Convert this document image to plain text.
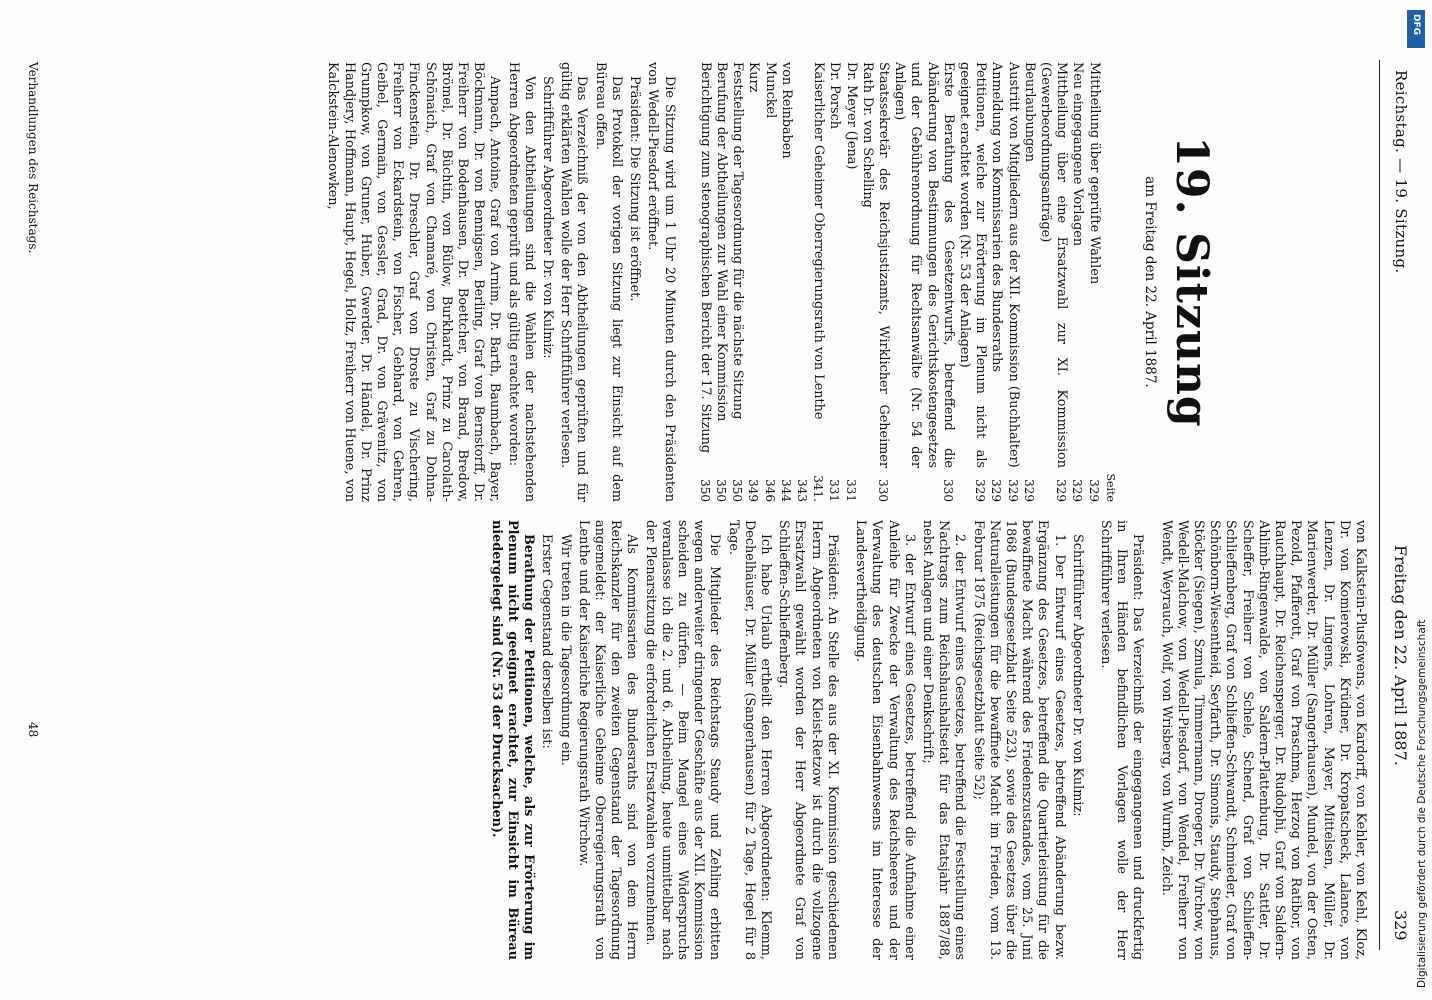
Reichstag. — 19. Sitzung.
Freitag den 22. April 1887.
329
19. Sitzung
am Freitag den 22. April 1887.
Seite
Mittheilung über geprüfte Wahlen
329
Neu eingegangene Vorlagen
329
Mittheilung über eine Ersatzwahl zur XI. Kommission (Gewerbeordnungsanträge)
329
Beurlaubungen
329
Austritt von Mitgliedern aus der XII. Kommission (Buchhalter)
329
Anmeldung von Kommissarien des Bundesraths
329
Petitionen, welche zur Erörterung im Plenum nicht als geeignet erachtet worden (Nr. 53 der Anlagen)
329
Erste Berathung des Gesetzentwurfs, betreffend die Abänderung von Bestimmungen des Gerichtskostengesetzes und der Gebührenordnung für Rechtsanwälte (Nr. 54 der Anlagen)
330
Staatssekretär des Reichsjustizamts, Wirklicher Geheimer Rath Dr. von Schelling
330
Dr. Meyer (Jena)
331
Dr. Porsch
331
Kaiserlicher Geheimer Oberregierungsrath von Lenthe
341. 343
von Reinbaben
344
Munckel
346
Kurz
349
Feststellung der Tagesordnung für die nächste Sitzung
350
Berufung der Abtheilungen zur Wahl einer Kommission
350
Berichtigung zum stenographischen Bericht der 17. Sitzung
350

Die Sitzung wird um 1 Uhr 20 Minuten durch den Präsidenten von Wedell-Piesdorf eröffnet.

Präsident: Die Sitzung ist eröffnet.

Das Protokoll der vorigen Sitzung liegt zur Einsicht auf dem Büreau offen.

Das Verzeichniß der von den Abtheilungen geprüften und für gültig erklärten Wahlen wolle der Herr Schriftführer verlesen.

Schriftführer Abgeordneter Dr. von Kulmiz:

Von den Abtheilungen sind die Wahlen der nachstehenden Herren Abgeordneten geprüft und als gültig erachtet worden:

Ampach, Antoine, Graf von Arnim, Dr. Barth, Baumbach, Bayer, Böckmann, Dr. von Bennigsen, Berling, Graf von Bernstorff, Dr. Freiherr von Bodenhausen, Dr. Boettcher, von Brand, Bredow, Brömel, Dr. Büchtin, von Bülow, Burkhardt, Prinz zu Carolath-Schönaich, Graf von Chamaré, von Christen, Graf zu Dohna-Finckenstein, Dr. Dreschler, Graf von Droste zu Vischering, Freiherr von Eckardstein, von Fischer, Gebhard, von Gehren, Geibel, Germain, von Gessler, Grad, Dr. von Grävenitz, von Grumpkow, von Gruner, Huber, Gwerder, Dr. Händel, Dr. Prinz Handjery, Hoffmann, Haupt, Hegel, Holtz, Freiherr von Huene, von Kalckstein-Alenowken,

von Kalkstein-Plusfowens, von Kardorff, von Kehler, von Kehl, Kloz, Dr. von Komierowski, Krüdner, Dr. Kropatscheck, Lalance, von Lenzen, Dr. Lingens, Lohren, Mayer, Mittelsen, Müller, Dr. Marienwerder, Dr. Müller (Sangerhausen), Mundel, von der Osten, Pezold, Pfafferott, Graf von Praschma, Herzog von Ratibor, von Rauchhaupt, Dr. Reichensperger, Dr. Rudolphi, Graf von Saldern-Ahlimb-Ringenwalde, von Saldern-Plattenburg, Dr. Sattler, Dr. Scheffer, Freiherr von Schele, Schend, Graf von Schlieffen-Schlieffenberg, Graf von Schlieffen-Schwandt, Schmieder, Graf von Schönborn-Wiesentheid, Seyfarth, Dr. Simonis, Staudy, Stephanus, Stöcker (Siegen), Szmula, Timmermann, Droeger, Dr. Virchow, von Wedell-Malchow, von Wedell-Piesdorf, von Wendel, Freiherr von Wendt, Weyrauch, Wolf, von Wrisberg, von Wurmb, Zeich.

Präsident: Das Verzeichniß der eingegangenen und druckfertig in Ihren Händen befindlichen Vorlagen wolle der Herr Schriftführer verlesen.

Schriftführer Abgeordneter Dr. von Kulmiz:

1. Der Entwurf eines Gesetzes, betreffend Abänderung bezw. Ergänzung des Gesetzes, betreffend die Quartierleistung für die bewaffnete Macht während des Friedenszustandes, vom 25. Juni 1868 (Bundesgesetzblatt Seite 523), sowie des Gesetzes über die Naturalleistungen für die bewaffnete Macht im Frieden, vom 13. Februar 1875 (Reichsgesetzblatt Seite 52);

2. der Entwurf eines Gesetzes, betreffend die Feststellung eines Nachtrags zum Reichshaushaltsetat für das Etatsjahr 1887/88, nebst Anlagen und einer Denkschrift;

3. der Entwurf eines Gesetzes, betreffend die Aufnahme einer Anleihe für Zwecke der Verwaltung des Reichsheeres und der Verwaltung des deutschen Eisenbahnwesens im Interesse der Landesvertheidigung.

Präsident: An Stelle des aus der XI. Kommission geschiedenen Herrn Abgeordneten von Kleist-Retzow ist durch die vollzogene Ersatzwahl gewählt worden der Herr Abgeordnete Graf von Schlieffen-Schlieffenberg.

Ich habe Urlaub ertheilt den Herren Abgeordneten: Klemm, Dechelhäuser, Dr. Müller (Sangerhausen) für 2 Tage, Hegel für 8 Tage.

Die Mitglieder des Reichstags Staudy und Zehling erbitten wegen anderweiter dringender Geschäfte aus der XII. Kommission scheiden zu dürfen. — Beim Mangel eines Widerspruchs veranlasse ich die 2. und 6. Abtheilung, heute unmittelbar nach der Plenarsitzung die erforderlichen Ersatzwahlen vorzunehmen.

Als Kommissarien des Bundesraths sind von dem Herrn Reichskanzler für den zweiten Gegenstand der Tagesordnung angemeldet: der Kaiserliche Geheime Oberregierungsrath von Lenthe und der Kaiserliche Regierungsrath Wirchow.

Wir treten in die Tagesordnung ein.

Erster Gegenstand derselben ist:

Berathung der Petitionen, welche, als zur Erörterung im Plenum nicht geeignet erachtet, zur Einsicht im Büreau niedergelegt sind (Nr. 53 der Drucksachen).

Verhandlungen des Reichstags.
48	Digitalisierung gefördert durch die Deutsche Forschungsgemeinschaft
DFG
